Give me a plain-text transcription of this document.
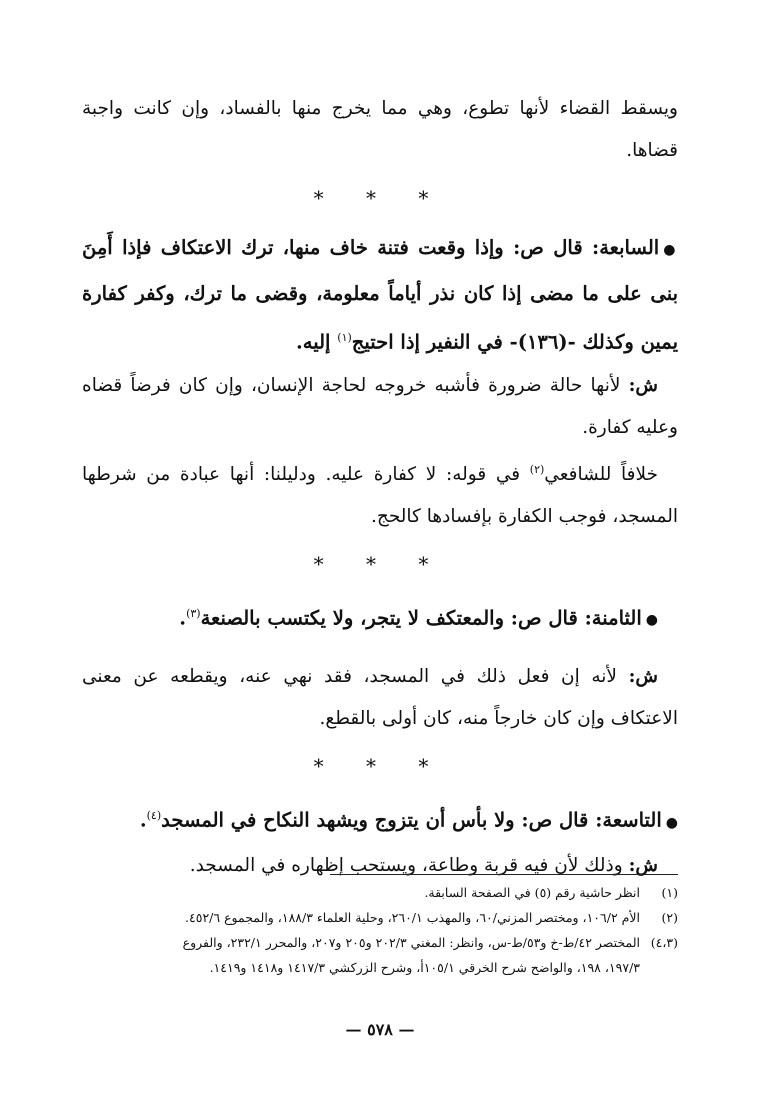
ويسقط القضاء لأنها تطوع، وهي مما يخرج منها بالفساد، وإن كانت واجبة قضاها.

* * *

●السابعة: قال ص: وإذا وقعت فتنة خاف منها، ترك الاعتكاف فإذا أَمِنَ بنى على ما مضى إذا كان نذر أياماً معلومة، وقضى ما ترك، وكفر كفارة يمين وكذلك -(١٣٦)- في النفير إذا احتيج$^{(١)}$ إليه.

ش: لأنها حالة ضرورة فأشبه خروجه لحاجة الإنسان، وإن كان فرضاً قضاه وعليه كفارة.

خلافاً للشافعي$^{(٢)}$ في قوله: لا كفارة عليه. ودليلنا: أنها عبادة من شرطها المسجد، فوجب الكفارة بإفسادها كالحج.

* * *

●الثامنة: قال ص: والمعتكف لا يتجر، ولا يكتسب بالصنعة$^{(٣)}$.

ش: لأنه إن فعل ذلك في المسجد، فقد نهي عنه، ويقطعه عن معنى الاعتكاف وإن كان خارجاً منه، كان أولى بالقطع.

* * *

●التاسعة: قال ص: ولا بأس أن يتزوج ويشهد النكاح في المسجد$^{(٤)}$.

ش: وذلك لأن فيه قربة وطاعة، ويستحب إظهاره في المسجد.

(١)
انظر حاشية رقم (٥) في الصفحة السابقة.
(٢)
الأم ١٠٦/٢، ومختصر المزني/٦٠، والمهذب ٢٦٠/١، وحلية العلماء ١٨٨/٣، والمجموع ٤٥٢/٦.
(٤،٣)
المختصر ٤٢/ط-خ و٥٣/ط-س، وانظر: المغني ٢٠٢/٣ و٢٠٥ و٢٠٧، والمحرر ٢٣٢/١، والفروع
١٩٧/٣، ١٩٨، والواضح شرح الخرقي ١٠٥/١أ، وشرح الزركشي ١٤١٧/٣ و١٤١٨ و١٤١٩.
— ٥٧٨ —
